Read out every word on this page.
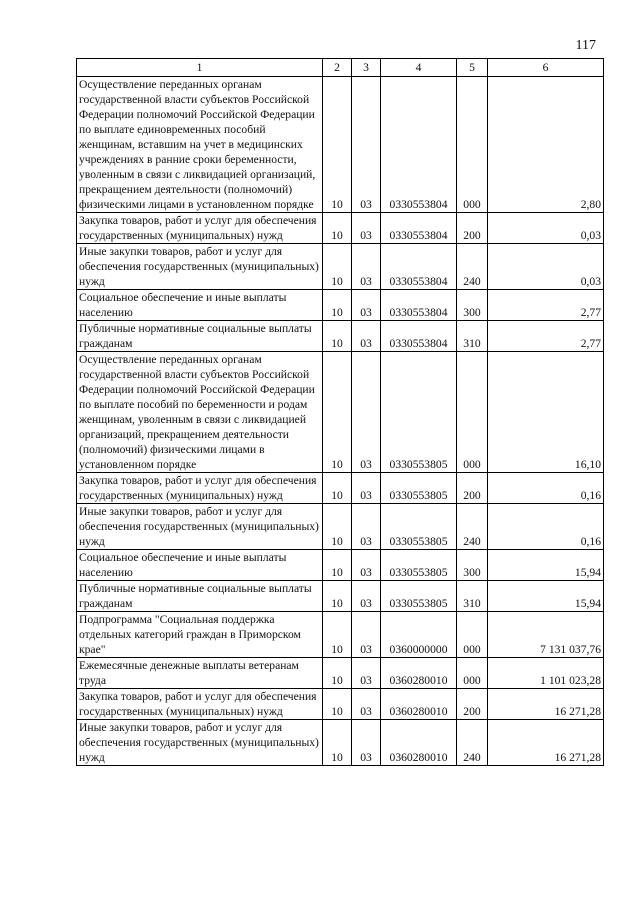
117
1	2	3	4	5	6
Осуществление переданных органам государственной власти субъектов Российской Федерации полномочий Российской Федерации по выплате единовременных пособий женщинам, вставшим на учет в медицинских учреждениях в ранние сроки беременности, уволенным в связи с ликвидацией организаций, прекращением деятельности (полномочий) физическими лицами в установленном порядке	10	03	0330553804	000	2,80
Закупка товаров, работ и услуг для обеспечения государственных (муниципальных) нужд	10	03	0330553804	200	0,03
Иные закупки товаров, работ и услуг для обеспечения государственных (муниципальных) нужд	10	03	0330553804	240	0,03
Социальное обеспечение и иные выплаты населению	10	03	0330553804	300	2,77
Публичные нормативные социальные выплаты гражданам	10	03	0330553804	310	2,77
Осуществление переданных органам государственной власти субъектов Российской Федерации полномочий Российской Федерации по выплате пособий по беременности и родам женщинам, уволенным в связи с ликвидацией организаций, прекращением деятельности (полномочий) физическими лицами в установленном порядке	10	03	0330553805	000	16,10
Закупка товаров, работ и услуг для обеспечения государственных (муниципальных) нужд	10	03	0330553805	200	0,16
Иные закупки товаров, работ и услуг для обеспечения государственных (муниципальных) нужд	10	03	0330553805	240	0,16
Социальное обеспечение и иные выплаты населению	10	03	0330553805	300	15,94
Публичные нормативные социальные выплаты гражданам	10	03	0330553805	310	15,94
Подпрограмма "Социальная поддержка отдельных категорий граждан в Приморском крае"	10	03	0360000000	000	7 131 037,76
Ежемесячные денежные выплаты ветеранам труда	10	03	0360280010	000	1 101 023,28
Закупка товаров, работ и услуг для обеспечения государственных (муниципальных) нужд	10	03	0360280010	200	16 271,28
Иные закупки товаров, работ и услуг для обеспечения государственных (муниципальных) нужд	10	03	0360280010	240	16 271,28
